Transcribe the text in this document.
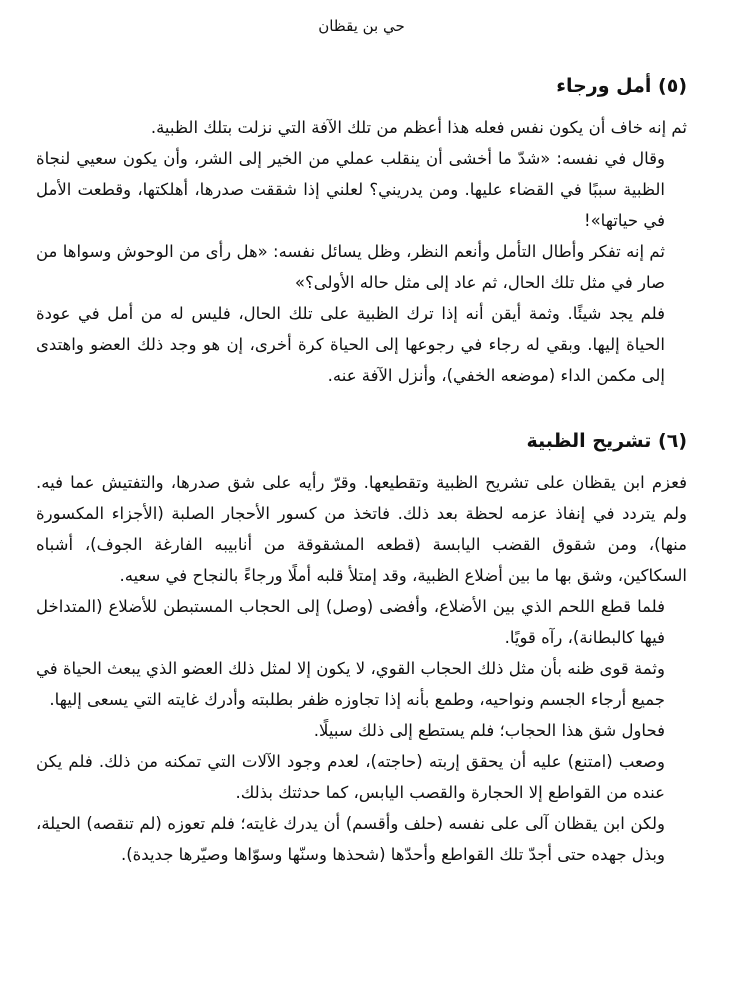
حي بن يقظان
(٥) أمل ورجاء

ثم إنه خاف أن يكون نفس فعله هذا أعظم من تلك الآفة التي نزلت بتلك الظبية.

وقال في نفسه: «شدّ ما أخشى أن ينقلب عملي من الخير إلى الشر، وأن يكون سعيي لنجاة الظبية سببًا في القضاء عليها. ومن يدريني؟ لعلني إذا شققت صدرها، أهلكتها، وقطعت الأمل في حياتها»!

ثم إنه تفكر وأطال التأمل وأنعم النظر، وظل يسائل نفسه: «هل رأى من الوحوش وسواها من صار في مثل تلك الحال، ثم عاد إلى مثل حاله الأولى؟»

فلم يجد شيئًا. وثمة أيقن أنه إذا ترك الظبية على تلك الحال، فليس له من أمل في عودة الحياة إليها. وبقي له رجاء في رجوعها إلى الحياة كرة أخرى، إن هو وجد ذلك العضو واهتدى إلى مكمن الداء (موضعه الخفي)، وأنزل الآفة عنه.

(٦) تشريح الظبية

فعزم ابن يقظان على تشريح الظبية وتقطيعها. وقرّ رأيه على شق صدرها، والتفتيش عما فيه. ولم يتردد في إنفاذ عزمه لحظة بعد ذلك. فاتخذ من كسور الأحجار الصلبة (الأجزاء المكسورة منها)، ومن شقوق القضب اليابسة (قطعه المشقوقة من أنابيبه الفارغة الجوف)، أشباه السكاكين، وشق بها ما بين أضلاع الظبية، وقد إمتلأ قلبه أملًا ورجاءً بالنجاح في سعيه.

فلما قطع اللحم الذي بين الأضلاع، وأفضى (وصل) إلى الحجاب المستبطن للأضلاع (المتداخل فيها كالبطانة)، رآه قويًا.

وثمة قوى ظنه بأن مثل ذلك الحجاب القوي، لا يكون إلا لمثل ذلك العضو الذي يبعث الحياة في جميع أرجاء الجسم ونواحيه، وطمع بأنه إذا تجاوزه ظفر بطلبته وأدرك غايته التي يسعى إليها.

فحاول شق هذا الحجاب؛ فلم يستطع إلى ذلك سبيلًا.

وصعب (امتنع) عليه أن يحقق إربته (حاجته)، لعدم وجود الآلات التي تمكنه من ذلك. فلم يكن عنده من القواطع إلا الحجارة والقصب اليابس، كما حدثتك بذلك.

ولكن ابن يقظان آلى على نفسه (حلف وأقسم) أن يدرك غايته؛ فلم تعوزه (لم تنقصه) الحيلة، وبذل جهده حتى أجدّ تلك القواطع وأحدّها (شحذها وسنّها وسوّاها وصيّرها جديدة).
